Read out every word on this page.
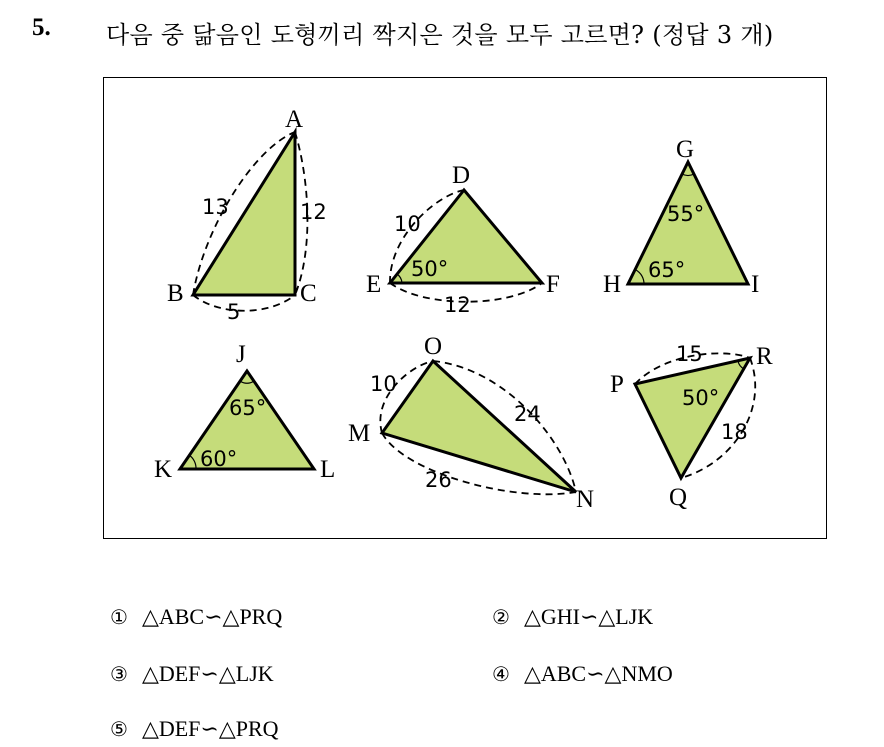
5. 다음 중 닮음인 도형끼리 짝지은 것을 모두 고르면? (정답 3 개)
A
B	C
13	12
5
D
E	F
10
12
50°
G
H	I
55°
65°
J
K	L
65°
60°
O
M
N
10
24
26
P
R
Q
15
18
50°
① △ABC∽△PRQ	② △GHI∽△LJK
③ △DEF∽△LJK	④ △ABC∽△NMO
⑤ △DEF∽△PRQ
